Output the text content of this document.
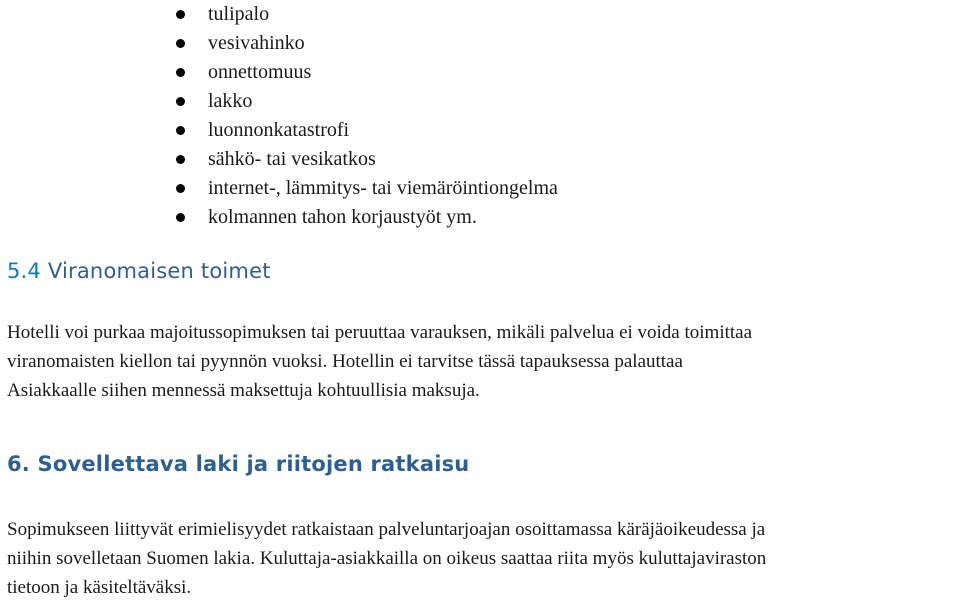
tulipalo
vesivahinko
onnettomuus
lakko
luonnonkatastrofi
sähkö- tai vesikatkos
internet-, lämmitys- tai viemäröintiongelma
kolmannen tahon korjaustyöt ym.
5.4 Viranomaisen toimet

Hotelli voi purkaa majoitussopimuksen tai peruuttaa varauksen, mikäli palvelua ei voida toimittaa
viranomaisten kiellon tai pyynnön vuoksi. Hotellin ei tarvitse tässä tapauksessa palauttaa
Asiakkaalle siihen mennessä maksettuja kohtuullisia maksuja.

6. Sovellettava laki ja riitojen ratkaisu

Sopimukseen liittyvät erimielisyydet ratkaistaan palveluntarjoajan osoittamassa käräjäoikeudessa ja
niihin sovelletaan Suomen lakia. Kuluttaja-asiakkailla on oikeus saattaa riita myös kuluttajaviraston
tietoon ja käsiteltäväksi.
